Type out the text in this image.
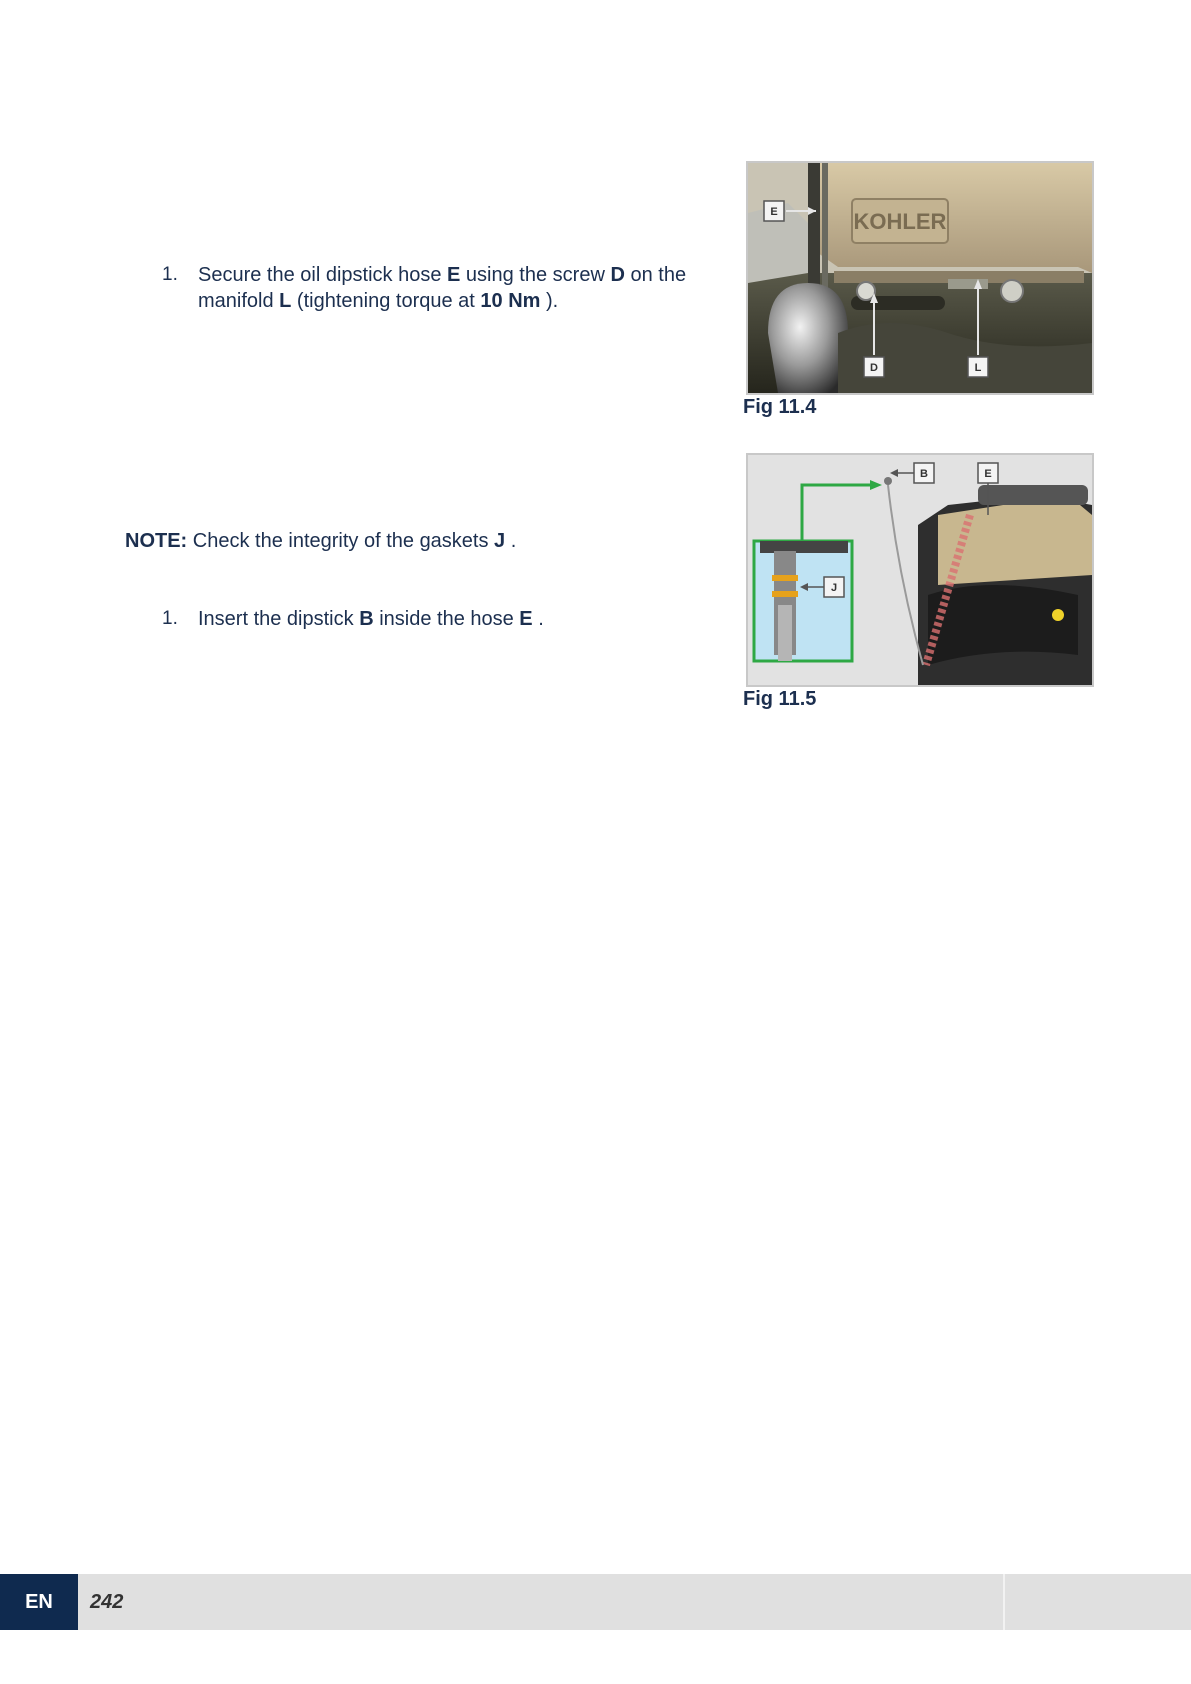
1. Secure the oil dipstick hose E using the screw D on the
manifold L (tightening torque at 10 Nm ).
KOHLER
E
D	L
Fig 11.4
NOTE: Check the integrity of the gaskets J .
1. Insert the dipstick B inside the hose E .
J
B	E
Fig 11.5
EN	242
